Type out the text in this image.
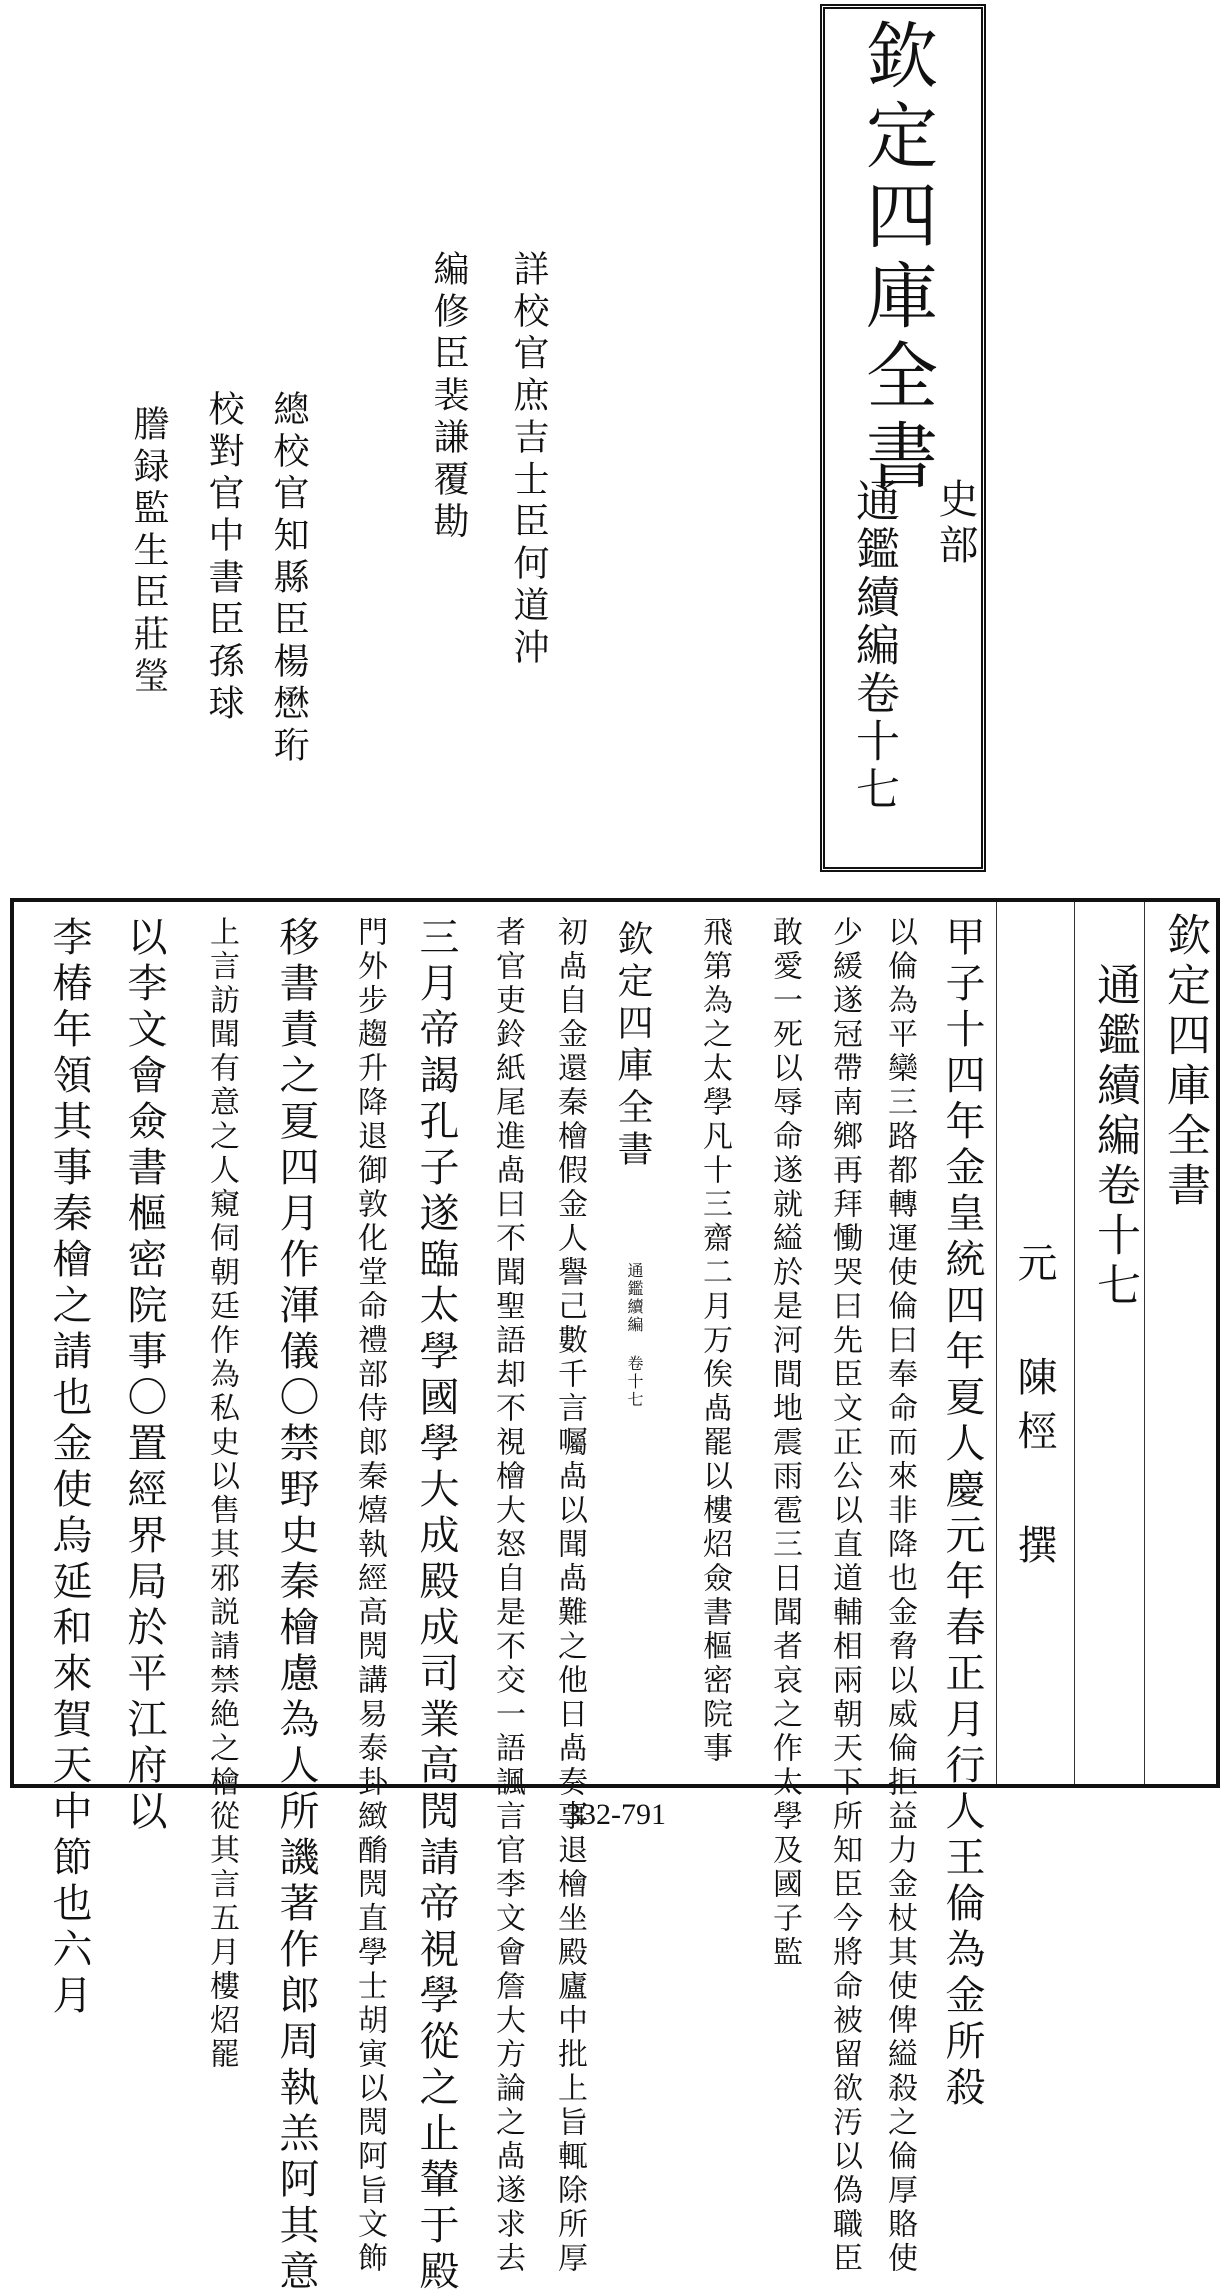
欽定四庫全書
史部
通鑑續編卷十七
詳校官庶吉士臣何道沖
編修臣裴謙覆勘
總校官知縣臣楊懋珩
校對官中書臣孫球
謄録監生臣莊瑩
欽定四庫全書
通鑑續編卷十七
元 陳桱 撰
甲子十四年金皇統四年夏人慶元年春正月行人王倫為金所殺
以倫為平欒三路都轉運使倫曰奉命而來非降也金脅以威倫拒益力金杖其使俾縊殺之倫厚賂使
少緩遂冠帶南鄉再拜慟哭曰先臣文正公以直道輔相兩朝天下所知臣今將命被留欲汚以偽職臣
敢愛一死以辱命遂就縊於是河間地震雨雹三日聞者哀之作太學及國子監
飛第為之太學凡十三齋二月万俟卨罷以樓炤僉書樞密院事
欽定四庫全書
通鑑續編 卷十七
初卨自金還秦檜假金人譽己數千言囑卨以聞卨難之他日卨奏事退檜坐殿廬中批上旨輒除所厚
者官吏鈴紙尾進卨曰不聞聖語却不視檜大怒自是不交一語諷言官李文會詹大方論之卨遂求去
三月帝謁孔子遂臨太學國學大成殿成司業高閌請帝視學從之止輦于殿
門外步趨升降退御敦化堂命禮部侍郎秦熺執經高閌講易泰卦緻酳閌直學士胡寅以閌阿旨文飾
移書責之夏四月作渾儀〇禁野史秦檜慮為人所譏著作郎周執羔阿其意
上言訪聞有意之人窺伺朝廷作為私史以售其邪説請禁絶之檜從其言五月樓炤罷
以李文會僉書樞密院事〇置經界局於平江府以
李椿年領其事秦檜之請也金使烏延和來賀天中節也六月	332-791
